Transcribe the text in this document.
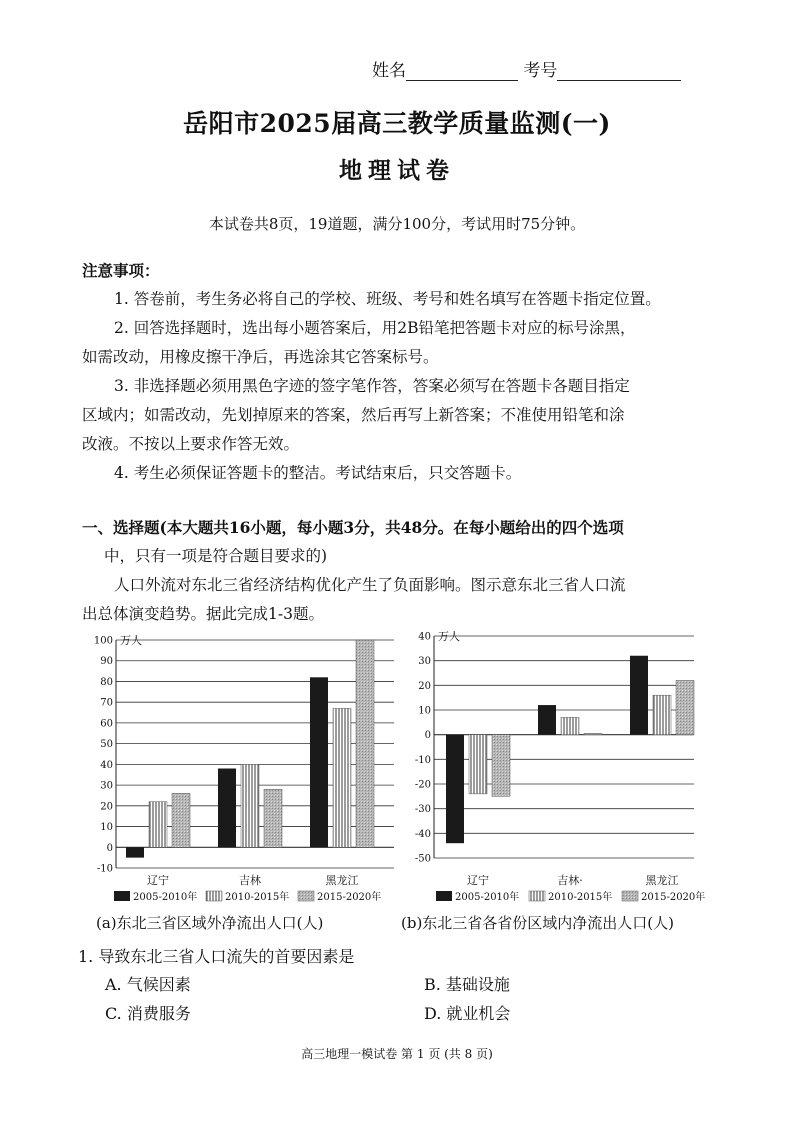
姓名	考号
岳阳市2025届高三教学质量监测(一)
地理试卷
本试卷共8页，19道题，满分100分，考试用时75分钟。
注意事项：
1. 答卷前，考生务必将自己的学校、班级、考号和姓名填写在答题卡指定位置。
2. 回答选择题时，选出每小题答案后，用2B铅笔把答题卡对应的标号涂黑，
如需改动，用橡皮擦干净后，再选涂其它答案标号。
3. 非选择题必须用黑色字迹的签字笔作答，答案必须写在答题卡各题目指定
区域内；如需改动，先划掉原来的答案，然后再写上新答案；不准使用铅笔和涂
改液。不按以上要求作答无效。
4. 考生必须保证答题卡的整洁。考试结束后，只交答题卡。
一、选择题(本大题共16小题，每小题3分，共48分。在每小题给出的四个选项
中，只有一项是符合题目要求的)
人口外流对东北三省经济结构优化产生了负面影响。图示意东北三省人口流
出总体演变趋势。据此完成1-3题。
100
90
80
70
60
50
40
30
20
10
0
-10
万人
辽宁	吉林	黑龙江
2005-2010年	2010-2015年	2015-2020年
40
30
20
10
0
-10
-20
-30
-40
-50
万人
辽宁	吉林·	黑龙江
2005-2010年	2010-2015年	2015-2020年
(a)东北三省区域外净流出人口(人)	(b)东北三省各省份区域内净流出人口(人)
1. 导致东北三省人口流失的首要因素是
A. 气候因素	B. 基础设施
C. 消费服务	D. 就业机会
高三地理一模试卷 第 1 页 (共 8 页)
